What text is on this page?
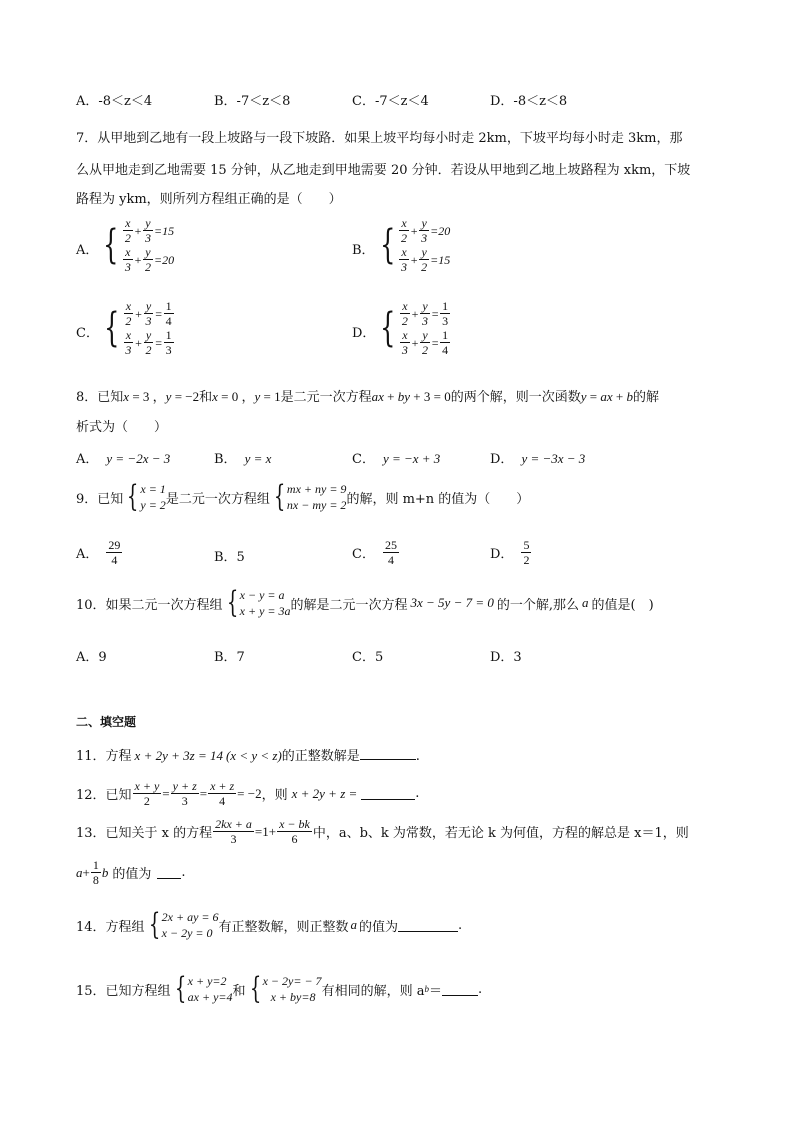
A．-8＜z＜4	B．-7＜z＜8	C．-7＜z＜4	D．-8＜z＜8
7．从甲地到乙地有一段上坡路与一段下坡路．如果上坡平均每小时走 2km，下坡平均每小时走 3km，那
么从甲地走到乙地需要 15 分钟，从乙地走到甲地需要 20 分钟．若设从甲地到乙地上坡路程为 xkm，下坡
路程为 ykm，则所列方程组正确的是（　　）
A． { $\frac{x}{2} + \frac{y}{3} = 15$
$\frac{x}{3} + \frac{y}{2} = 20$
B． { $\frac{x}{2} + \frac{y}{3} = 20$
$\frac{x}{3} + \frac{y}{2} = 15$
C． { $\frac{x}{2} + \frac{y}{3} = \frac{1}{4}$
$\frac{x}{3} + \frac{y}{2} = \frac{1}{3}$	D． { $\frac{x}{2} + \frac{y}{3} = \frac{1}{3}$
$\frac{x}{3} + \frac{y}{2} = \frac{1}{4}$
8．已知x = 3 ，y = −2和x = 0 ，y = 1是二元一次方程ax + by + 3 = 0的两个解，则一次函数y = ax + b的解
析式为（　　）
A． y = −2x − 3	B． y = x	C． y = −x + 3	D． y = −3x − 3
9．已知 { x = 1
y = 2 是二元一次方程组 { mx + ny = 9
nx − my = 2 的解，则 m+n 的值为（　　）
A． $\frac{29}{4}$	B．5	C． $\frac{25}{4}$	D． $\frac{5}{2}$
10．如果二元一次方程组 { x − y = a
x + y = 3a 的解是二元一次方程 3x − 5y − 7 = 0 的一个解,那么 a 的值是(　)
A．9	B．7	C．5	D．3
二、填空题
11．方程 x + 2y + 3z = 14 (x < y < z)的正整数解是	.
12．已知 $\frac{x + y}{2} = \frac{y + z}{3} = \frac{x + z}{4} = -2$ ，则 x + 2y + z =	.
13．已知关于 x 的方程 $\frac{2kx + a}{3} =1+ \frac{x - bk}{6}$ 中，a、b、k 为常数，若无论 k 为何值，方程的解总是 x＝1，则
$a + \frac{1}{8}$ b 的值为 .
14．方程组 { 2x + ay = 6
x − 2y = 0 有正整数解，则正整数 a 的值为	.
15．已知方程组 { x + y=2
ax + y=4 和 { x − 2y= − 7
x + by=8 有相同的解，则 a b ＝	.
